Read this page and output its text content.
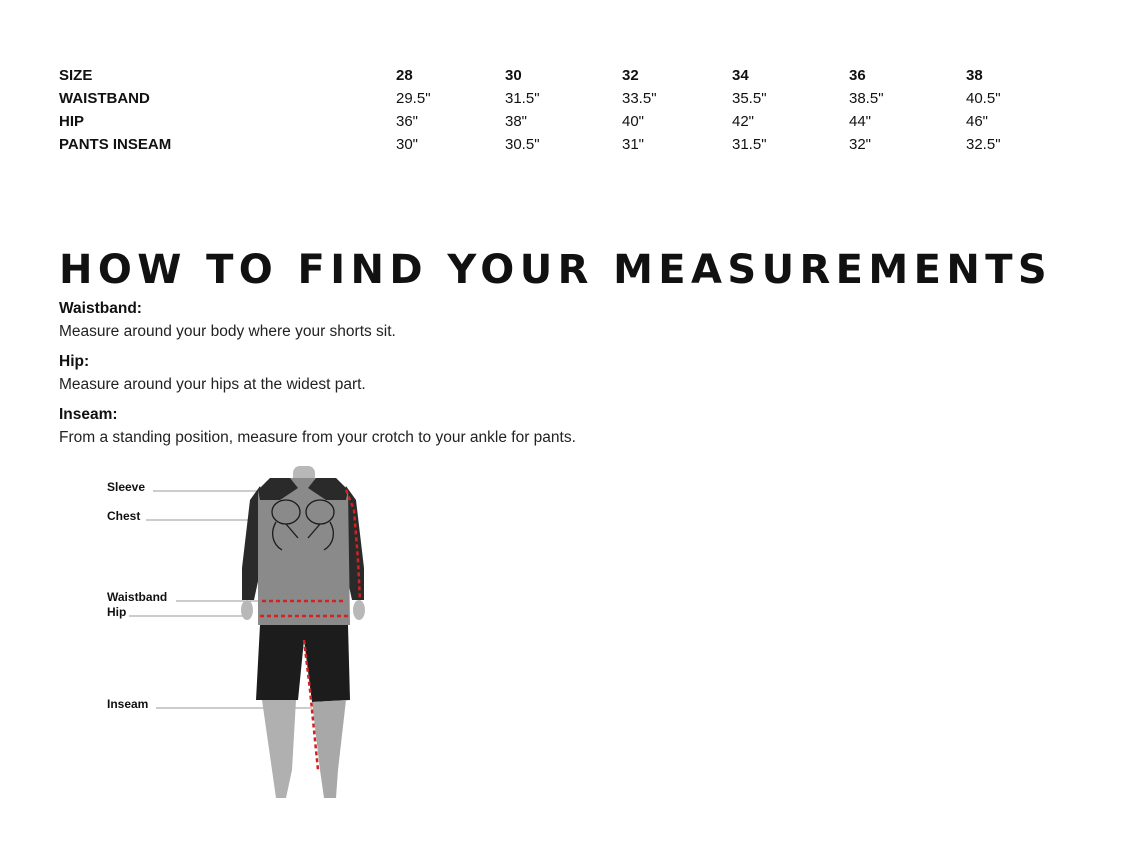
SIZE	28	30	32	34	36	38
WAISTBAND	29.5"	31.5"	33.5"	35.5"	38.5"	40.5"
HIP	36"	38"	40"	42"	44"	46"
PANTS INSEAM	30"	30.5"	31"	31.5"	32"	32.5"
HOW TO FIND YOUR MEASUREMENTS
Waistband:
Measure around your body where your shorts sit.
Hip:
Measure around your hips at the widest part.
Inseam:
From a standing position, measure from your crotch to your ankle for pants.
Sleeve
Chest
Waistband
Hip
Inseam
